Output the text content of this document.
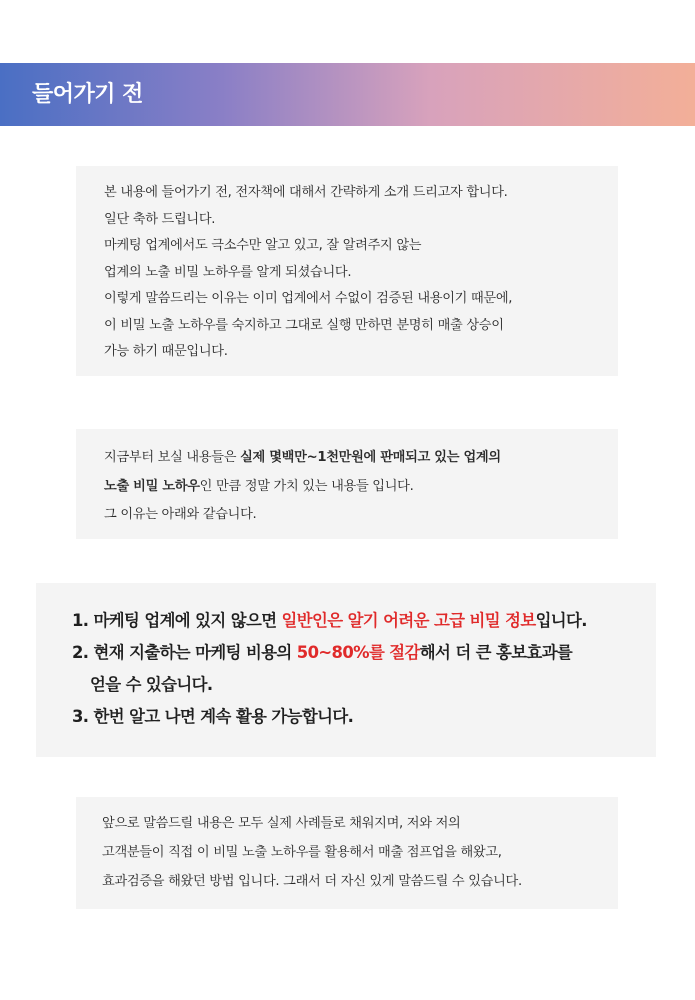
들어가기 전

본 내용에 들어가기 전, 전자책에 대해서 간략하게 소개 드리고자 합니다.

일단 축하 드립니다.

마케팅 업계에서도 극소수만 알고 있고, 잘 알려주지 않는

업계의 노출 비밀 노하우를 알게 되셨습니다.

이렇게 말씀드리는 이유는 이미 업계에서 수없이 검증된 내용이기 때문에,

이 비밀 노출 노하우를 숙지하고 그대로 실행 만하면 분명히 매출 상승이

가능 하기 때문입니다.

지금부터 보실 내용들은 실제 몇백만~1천만원에 판매되고 있는 업계의

노출 비밀 노하우인 만큼 정말 가치 있는 내용들 입니다.

그 이유는 아래와 같습니다.

1. 마케팅 업계에 있지 않으면 일반인은 알기 어려운 고급 비밀 정보입니다.

2. 현재 지출하는 마케팅 비용의 50~80%를 절감해서 더 큰 홍보효과를

얻을 수 있습니다.

3. 한번 알고 나면 계속 활용 가능합니다.

앞으로 말씀드릴 내용은 모두 실제 사례들로 채워지며, 저와 저의

고객분들이 직접 이 비밀 노출 노하우를 활용해서 매출 점프업을 해왔고,

효과검증을 해왔던 방법 입니다. 그래서 더 자신 있게 말씀드릴 수 있습니다.
